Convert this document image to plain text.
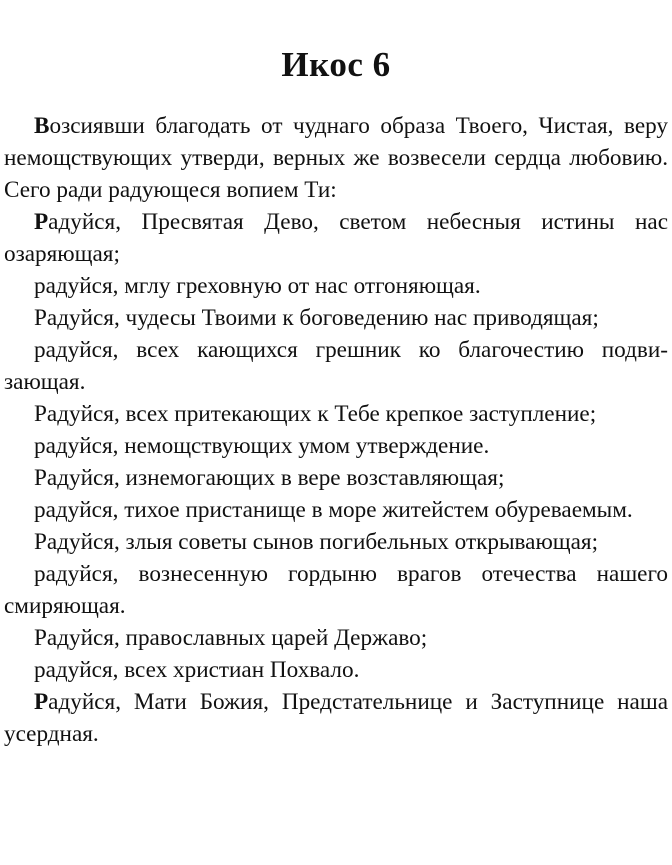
Икос 6

Возсиявши благодать от чуднаго образа Твоего, Чистая, веру немощствующих утверди, верных же возвесели сердца любовию. Сего ради радующеся вопием Ти:

Радуйся, Пресвятая Дево, светом небесныя истины нас озаряющая;

радуйся, мглу греховную от нас отгоняющая.

Радуйся, чудесы Твоими к боговедению нас приводящая;

радуйся, всех кающихся грешник ко благочестию подвизающая.

Радуйся, всех притекающих к Тебе крепкое заступление;

радуйся, немощствующих умом утверждение.

Радуйся, изнемогающих в вере возставляющая;

радуйся, тихое пристанище в море житейстем обуреваемым.

Радуйся, злыя советы сынов погибельных открывающая;

радуйся, вознесенную гордыню врагов отечества нашего смиряющая.

Радуйся, православных царей Державо;

радуйся, всех христиан Похвало.

Радуйся, Мати Божия, Предстательнице и Заступнице наша усердная.
